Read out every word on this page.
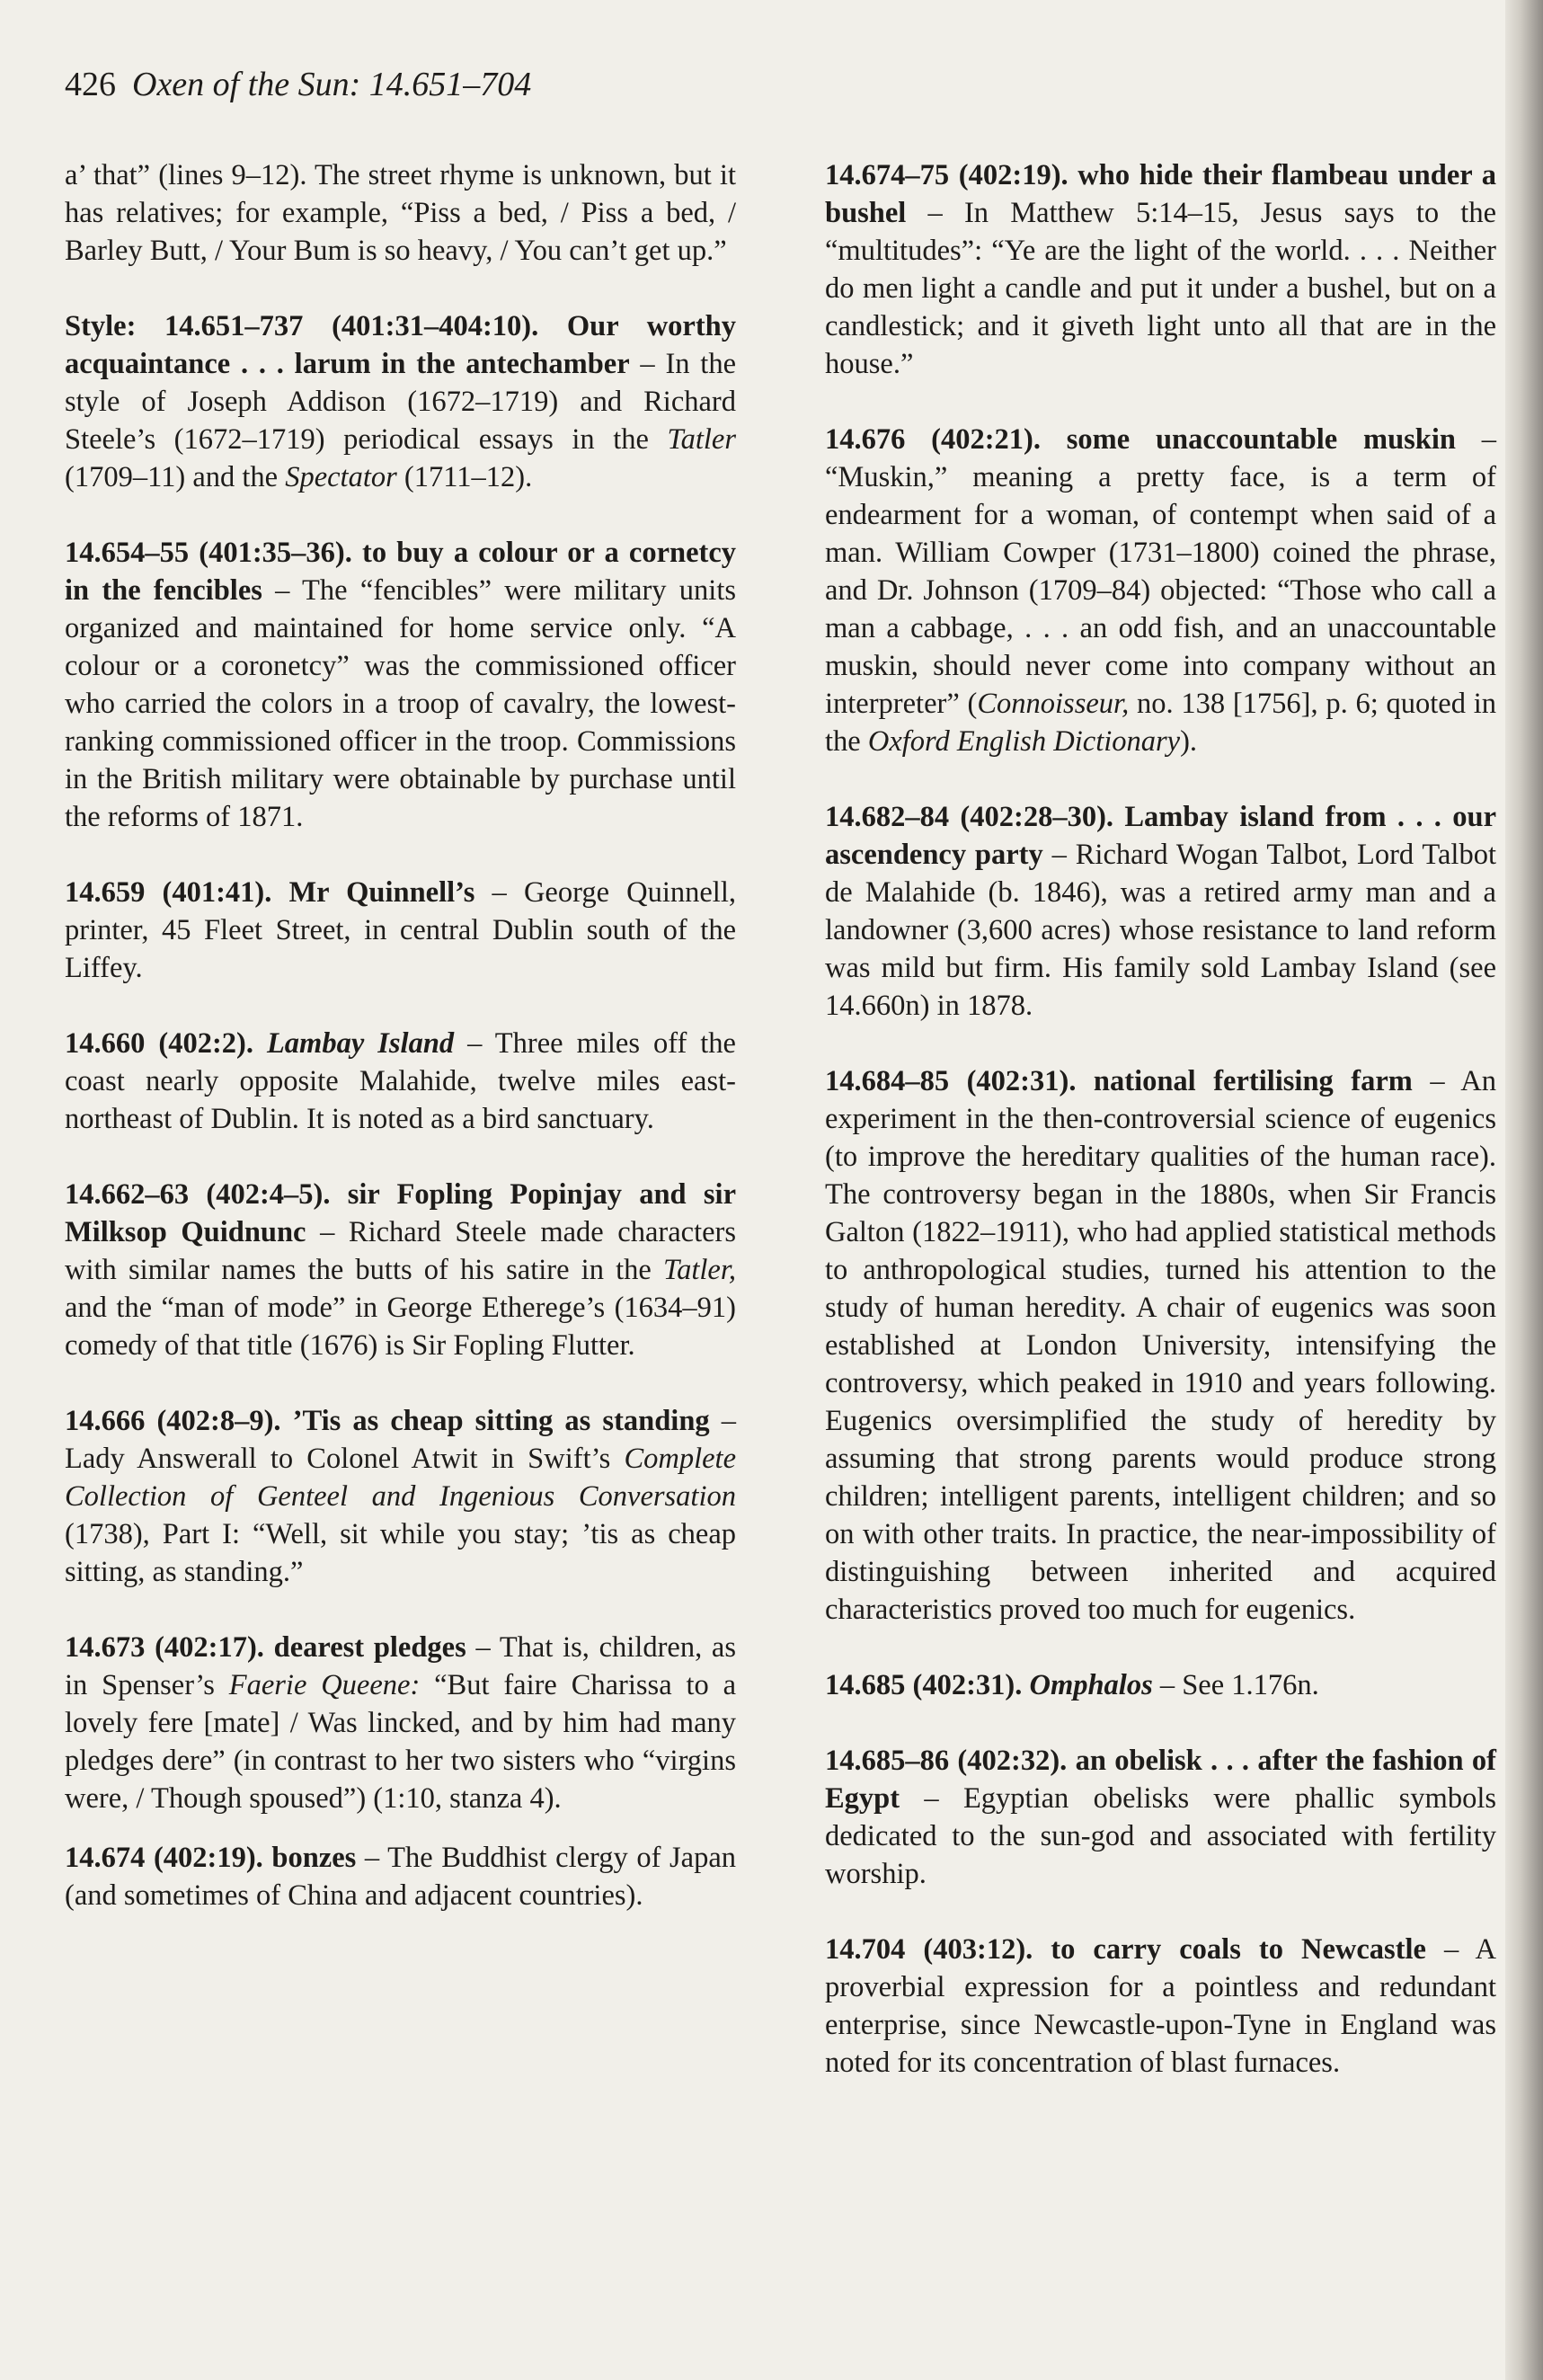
426 Oxen of the Sun: 14.651–704

a’ that” (lines 9–12). The street rhyme is unknown, but it has relatives; for example, “Piss a bed, / Piss a bed, / Barley Butt, / Your Bum is so heavy, / You can’t get up.”

Style: 14.651–737 (401:31–404:10). Our worthy acquaintance . . . larum in the antechamber – In the style of Joseph Addison (1672–1719) and Richard Steele’s (1672–1719) periodical essays in the Tatler (1709–11) and the Spectator (1711–12).

14.654–55 (401:35–36). to buy a colour or a cornetcy in the fencibles – The “fencibles” were military units organized and maintained for home service only. “A colour or a coronetcy” was the commissioned officer who carried the colors in a troop of cavalry, the lowest-ranking commissioned officer in the troop. Commissions in the British military were obtainable by purchase until the reforms of 1871.

14.659 (401:41). Mr Quinnell’s – George Quinnell, printer, 45 Fleet Street, in central Dublin south of the Liffey.

14.660 (402:2). Lambay Island – Three miles off the coast nearly opposite Malahide, twelve miles east-northeast of Dublin. It is noted as a bird sanctuary.

14.662–63 (402:4–5). sir Fopling Popinjay and sir Milksop Quidnunc – Richard Steele made characters with similar names the butts of his satire in the Tatler, and the “man of mode” in George Etherege’s (1634–91) comedy of that title (1676) is Sir Fopling Flutter.

14.666 (402:8–9). ’Tis as cheap sitting as standing – Lady Answerall to Colonel Atwit in Swift’s Complete Collection of Genteel and Ingenious Conversation (1738), Part I: “Well, sit while you stay; ’tis as cheap sitting, as standing.”

14.673 (402:17). dearest pledges – That is, children, as in Spenser’s Faerie Queene: “But faire Charissa to a lovely fere [mate] / Was lincked, and by him had many pledges dere” (in contrast to her two sisters who “virgins were, / Though spoused”) (1:10, stanza 4).

14.674 (402:19). bonzes – The Buddhist clergy of Japan (and sometimes of China and adjacent countries).

14.674–75 (402:19). who hide their flambeau under a bushel – In Matthew 5:14–15, Jesus says to the “multitudes”: “Ye are the light of the world. . . . Neither do men light a candle and put it under a bushel, but on a candlestick; and it giveth light unto all that are in the house.”

14.676 (402:21). some unaccountable muskin – “Muskin,” meaning a pretty face, is a term of endearment for a woman, of contempt when said of a man. William Cowper (1731–1800) coined the phrase, and Dr. Johnson (1709–84) objected: “Those who call a man a cabbage, . . . an odd fish, and an unaccountable muskin, should never come into company without an interpreter” (Connoisseur, no. 138 [1756], p. 6; quoted in the Oxford English Dictionary).

14.682–84 (402:28–30). Lambay island from . . . our ascendency party – Richard Wogan Talbot, Lord Talbot de Malahide (b. 1846), was a retired army man and a landowner (3,600 acres) whose resistance to land reform was mild but firm. His family sold Lambay Island (see 14.660n) in 1878.

14.684–85 (402:31). national fertilising farm – An experiment in the then-controversial science of eugenics (to improve the hereditary qualities of the human race). The controversy began in the 1880s, when Sir Francis Galton (1822–1911), who had applied statistical methods to anthropological studies, turned his attention to the study of human heredity. A chair of eugenics was soon established at London University, intensifying the controversy, which peaked in 1910 and years following. Eugenics oversimplified the study of heredity by assuming that strong parents would produce strong children; intelligent parents, intelligent children; and so on with other traits. In practice, the near-impossibility of distinguishing between inherited and acquired characteristics proved too much for eugenics.

14.685 (402:31). Omphalos – See 1.176n.

14.685–86 (402:32). an obelisk . . . after the fashion of Egypt – Egyptian obelisks were phallic symbols dedicated to the sun-god and associated with fertility worship.

14.704 (403:12). to carry coals to Newcastle – A proverbial expression for a pointless and redundant enterprise, since Newcastle-upon-Tyne in England was noted for its concentration of blast furnaces.
